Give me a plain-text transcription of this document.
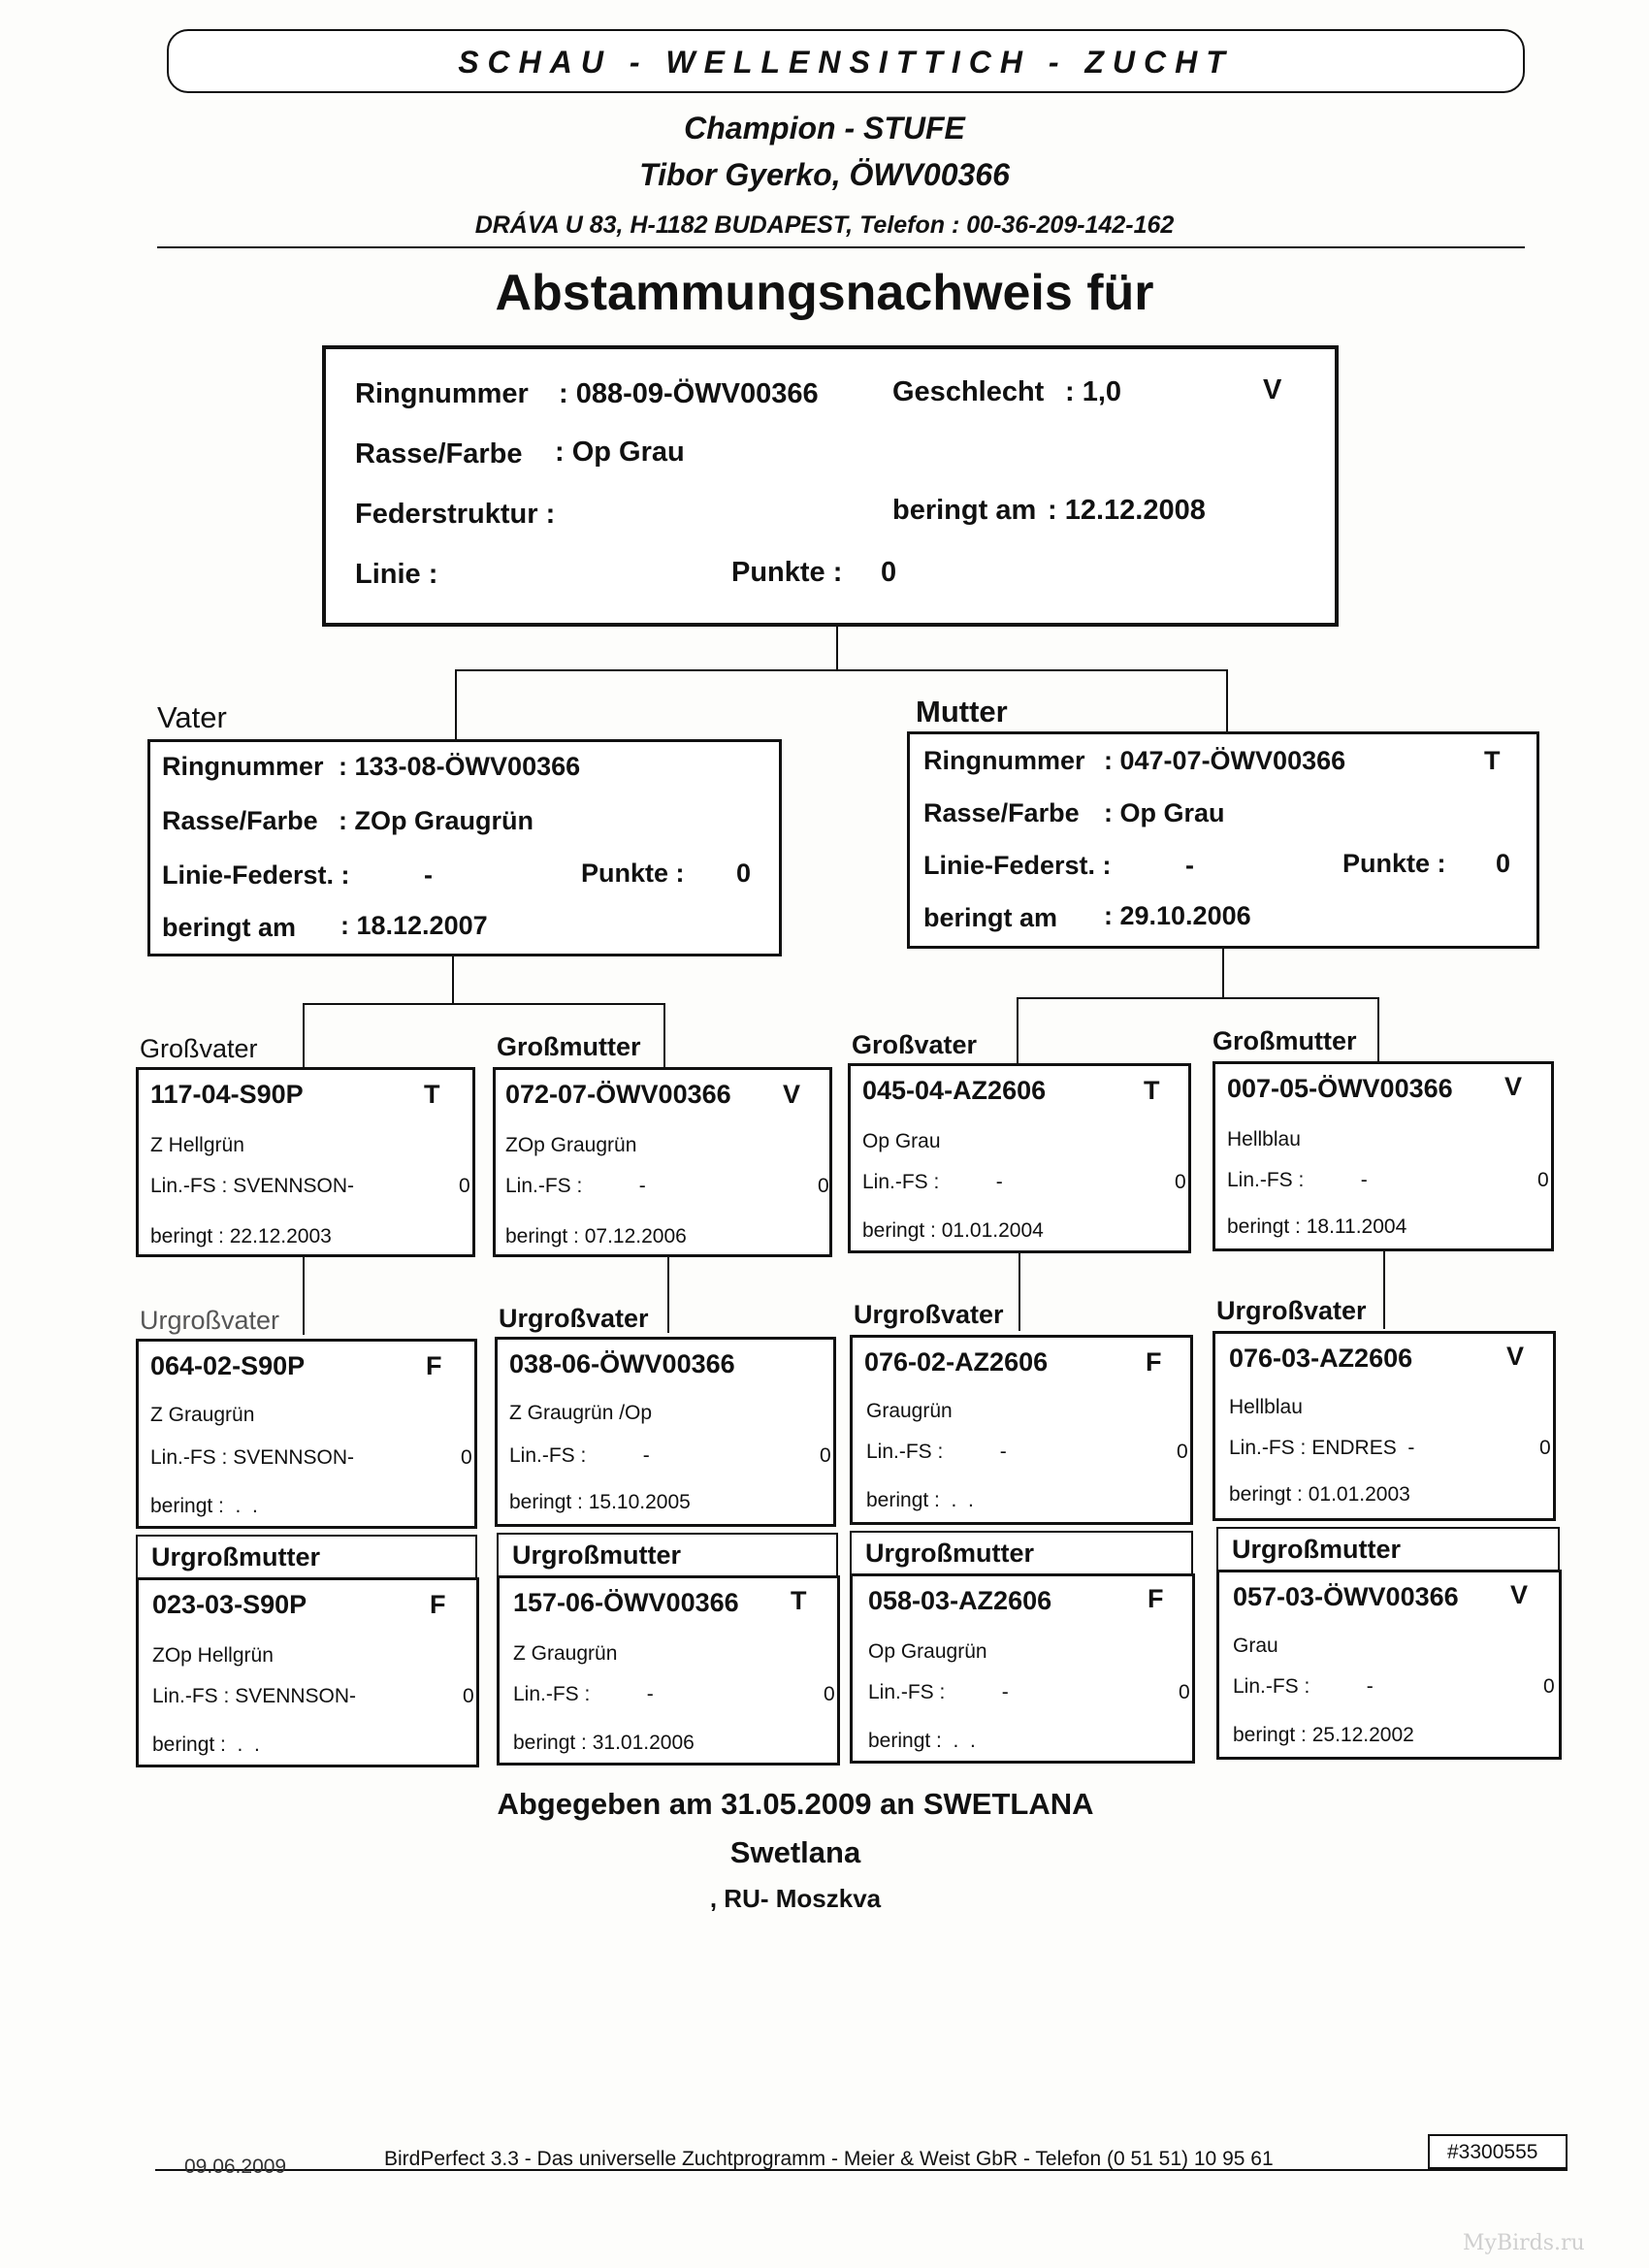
SCHAU - WELLENSITTICH - ZUCHT
Champion - STUFE
Tibor Gyerko, ÖWV00366
DRÁVA U 83, H-1182 BUDAPEST, Telefon : 00-36-209-142-162
Abstammungsnachweis für
Ringnummer : 088-09-ÖWV00366	Geschlecht : 1,0	V
Rasse/Farbe : Op Grau
Federstruktur :	beringt am : 12.12.2008
Linie :	Punkte : 0
Vater
Ringnummer : 133-08-ÖWV00366
Rasse/Farbe : ZOp Graugrün
Linie-Federst. :	-	Punkte : 0
beringt am : 18.12.2007
Mutter
Ringnummer : 047-07-ÖWV00366	T
Rasse/Farbe : Op Grau
Linie-Federst. :	-	Punkte : 0
beringt am : 29.10.2006
Großvater
117-04-S90P	T
Z Hellgrün
Lin.-FS : SVENNSON-	0
beringt : 22.12.2003
Großmutter
072-07-ÖWV00366 V
ZOp Graugrün
Lin.-FS :          -	0
beringt : 07.12.2006
Großvater
045-04-AZ2606	T
Op Grau
Lin.-FS :          -	0
beringt : 01.01.2004
Großmutter
007-05-ÖWV00366 V
Hellblau
Lin.-FS :          -	0
beringt : 18.11.2004
Urgroßvater
064-02-S90P	F
Z Graugrün
Lin.-FS : SVENNSON-	0
beringt :  .  .
Urgroßvater
038-06-ÖWV00366
Z Graugrün /Op
Lin.-FS :          -	0
beringt : 15.10.2005
Urgroßvater
076-02-AZ2606	F
Graugrün
Lin.-FS :          -	0
beringt :  .  .
Urgroßvater
076-03-AZ2606	V
Hellblau
Lin.-FS : ENDRES  -	0
beringt : 01.01.2003
Urgroßmutter
023-03-S90P	F
ZOp Hellgrün
Lin.-FS : SVENNSON-	0
beringt :  .  .
Urgroßmutter
157-06-ÖWV00366 T
Z Graugrün
Lin.-FS :          -	0
beringt : 31.01.2006
Urgroßmutter
058-03-AZ2606	F
Op Graugrün
Lin.-FS :          -	0
beringt :  .  .
Urgroßmutter
057-03-ÖWV00366 V
Grau
Lin.-FS :          -	0
beringt : 25.12.2002
Abgegeben am 31.05.2009 an SWETLANA
Swetlana
, RU- Moszkva
09.06.2009	BirdPerfect 3.3 - Das universelle Zuchtprogramm - Meier & Weist GbR - Telefon (0 51 51) 10 95 61	#3300555
MyBirds.ru
